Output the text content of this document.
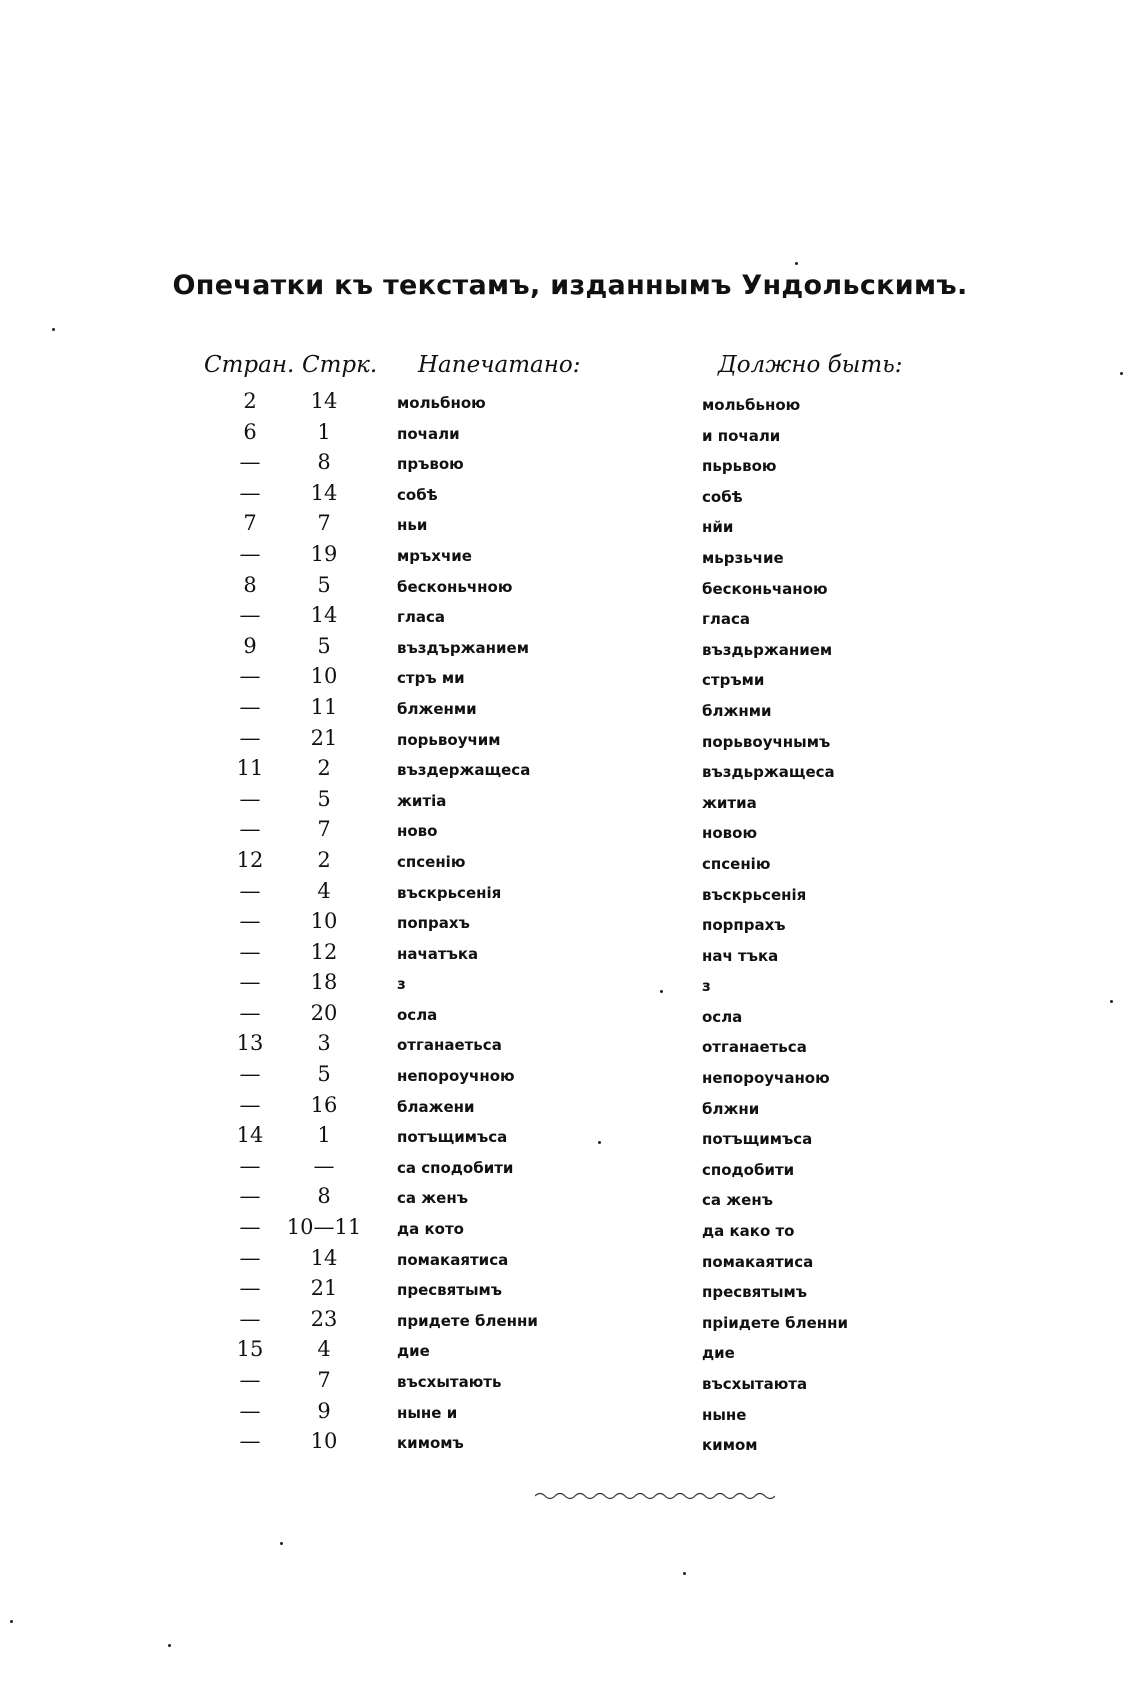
Опечатки къ текстамъ, изданнымъ Ундольскимъ.
Стран. Стрк. Напечатано:	Должно быть:
2	14	мольбною	мольбьною
6	1	почали	и почали
—	8	пръвою	пьрьвою
—	14	собѣ	собѣ
7	7	ньи	нйи
—	19	мръхчие	мьрзьчие
8	5	бесконьчною	бесконьчаною
—	14	гласа	гласа
9	5	въздържанием	въздьржанием
—	10	стръ ми	стръми
—	11	блженми	блжнми
—	21	порьвоучим	порьвоучнымъ
11	2	въздержащеса	въздьржащеса
—	5	житіа	житиа
—	7	ново	новою
12	2	спсенію	спсенію
—	4	въскрьсенія	въскрьсенія
—	10	попрахъ	порпрахъ
—	12	начатъка	нач тъка
—	18	з	з
—	20	осла	осла
13	3	отганаетьса	отганаетьса
—	5	непороучною	непороучаною
—	16	блажени	блжни
14	1	потъщимъса	потъщимъса
—	—	са сподобити	сподобити
—	8	са женъ	са женъ
—	10—11 да кото	да како то
—	14	помакаятиса	помакаятиса
—	21	пресвятымъ	пресвятымъ
—	23	придете бленни	пріидете бленни
15	4	дие	дие
—	7	въсхытають	въсхытаюта
—	9	ныне и	ныне
—	10	кимомъ	кимом
